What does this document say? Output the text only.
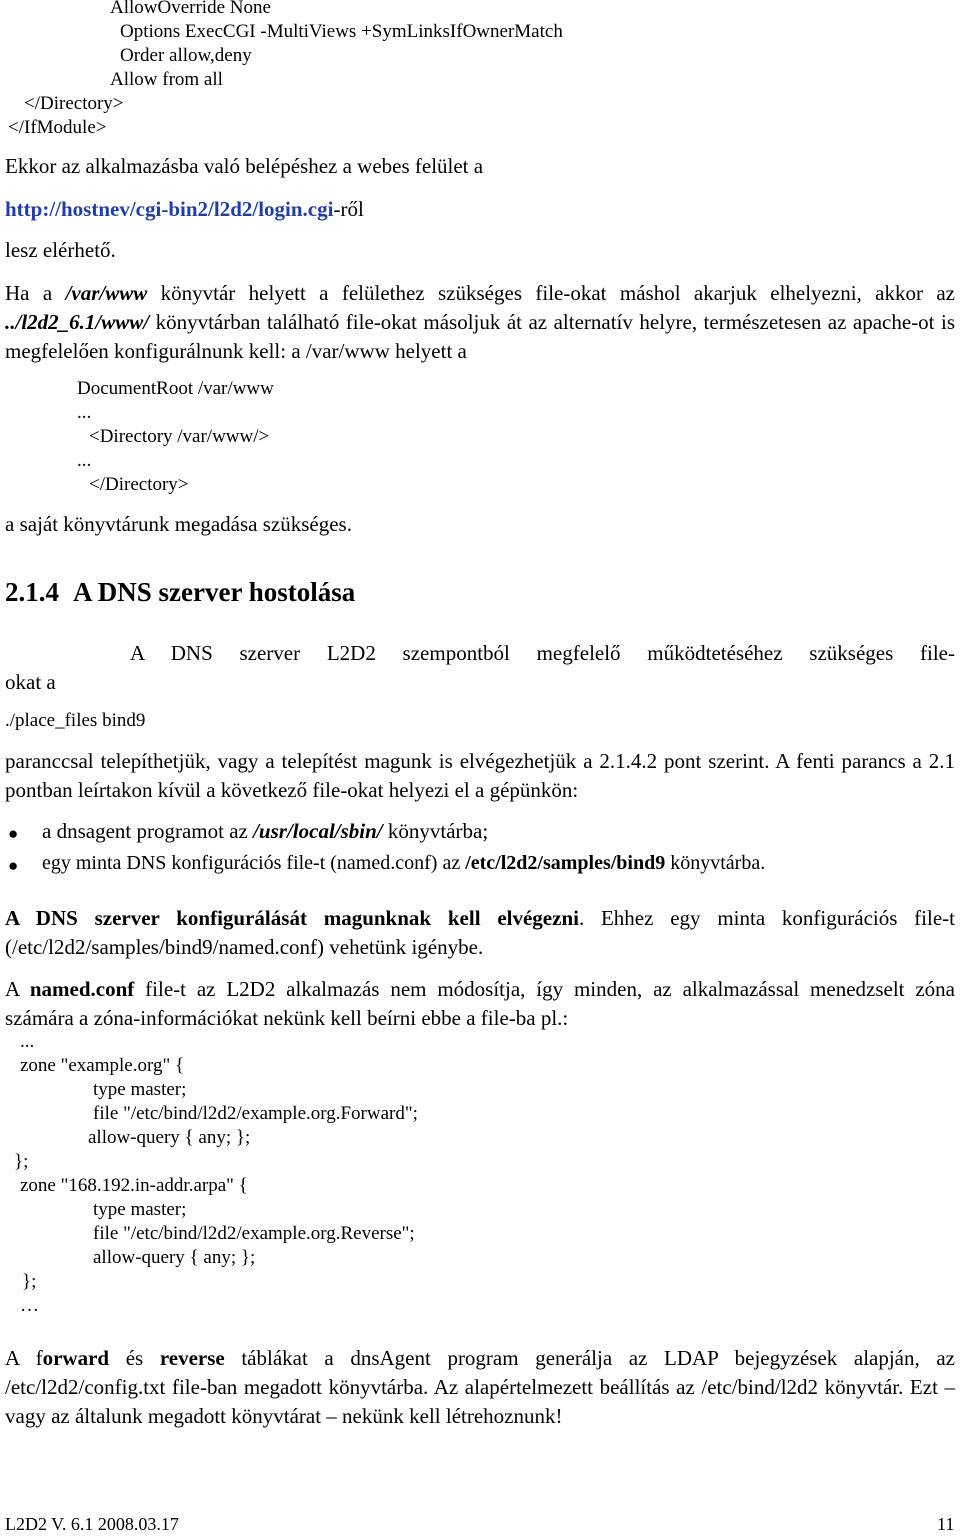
AllowOverride None
Options ExecCGI -MultiViews +SymLinksIfOwnerMatch
Order allow,deny
Allow from all
</Directory>
</IfModule>
Ekkor az alkalmazásba való belépéshez a webes felület a
http://hostnev/cgi-bin2/l2d2/login.cgi-ről
lesz elérhető.
Ha a /var/www könyvtár helyett a felülethez szükséges file-okat máshol akarjuk elhelyezni, akkor az ../l2d2_6.1/www/ könyvtárban található file-okat másoljuk át az alternatív helyre, természetesen az apache-ot is megfelelően konfigurálnunk kell: a /var/www helyett a
DocumentRoot /var/www
...
<Directory /var/www/>
...
</Directory>
a saját könyvtárunk megadása szükséges.
2.1.4 A DNS szerver hostolása
A DNS szerver L2D2 szempontból megfelelő működtetéséhez szükséges file-
okat a
./place_files bind9
paranccsal telepíthetjük, vagy a telepítést magunk is elvégezhetjük a 2.1.4.2 pont szerint. A fenti parancs a 2.1 pontban leírtakon kívül a következő file-okat helyezi el a gépünkön:
● a dnsagent programot az /usr/local/sbin/ könyvtárba;
● egy minta DNS konfigurációs file-t (named.conf) az /etc/l2d2/samples/bind9 könyvtárba.
A DNS szerver konfigurálását magunknak kell elvégezni. Ehhez egy minta konfigurációs file-t (/etc/l2d2/samples/bind9/named.conf) vehetünk igénybe.
A named.conf file-t az L2D2 alkalmazás nem módosítja, így minden, az alkalmazással menedzselt zóna számára a zóna-információkat nekünk kell beírni ebbe a file-ba pl.:
...
zone "example.org" {
type master;
file "/etc/bind/l2d2/example.org.Forward";
allow-query { any; };
};
zone "168.192.in-addr.arpa" {
type master;
file "/etc/bind/l2d2/example.org.Reverse";
allow-query { any; };
};
…
A forward és reverse táblákat a dnsAgent program generálja az LDAP bejegyzések alapján, az /etc/l2d2/config.txt file-ban megadott könyvtárba. Az alapértelmezett beállítás az /etc/bind/l2d2 könyvtár. Ezt – vagy az általunk megadott könyvtárat – nekünk kell létrehoznunk!
L2D2 V. 6.1 2008.03.17	11
